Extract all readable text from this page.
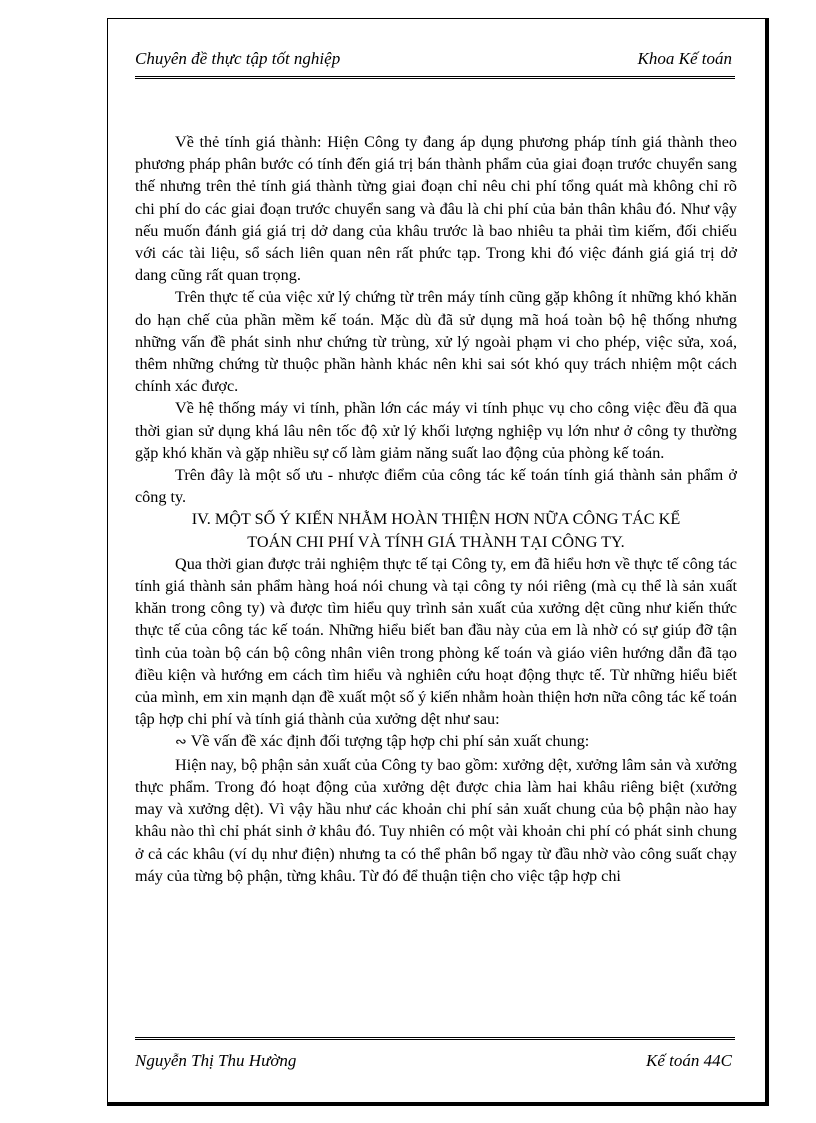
Chuyên đề thực tập tốt nghiệp	Khoa Kế toán

Về thẻ tính giá thành: Hiện Công ty đang áp dụng phương pháp tính giá thành theo phương pháp phân bước có tính đến giá trị bán thành phẩm của giai đoạn trước chuyển sang thế nhưng trên thẻ tính giá thành từng giai đoạn chỉ nêu chi phí tổng quát mà không chỉ rõ chi phí do các giai đoạn trước chuyển sang và đâu là chi phí của bản thân khâu đó. Như vậy nếu muốn đánh giá giá trị dở dang của khâu trước là bao nhiêu ta phải tìm kiếm, đối chiếu với các tài liệu, sổ sách liên quan nên rất phức tạp. Trong khi đó việc đánh giá giá trị dở dang cũng rất quan trọng.

Trên thực tế của việc xử lý chứng từ trên máy tính cũng gặp không ít những khó khăn do hạn chế của phần mềm kế toán. Mặc dù đã sử dụng mã hoá toàn bộ hệ thống nhưng những vấn đề phát sinh như chứng từ trùng, xử lý ngoài phạm vi cho phép, việc sửa, xoá, thêm những chứng từ thuộc phần hành khác nên khi sai sót khó quy trách nhiệm một cách chính xác được.

Về hệ thống máy vi tính, phần lớn các máy vi tính phục vụ cho công việc đều đã qua thời gian sử dụng khá lâu nên tốc độ xử lý khối lượng nghiệp vụ lớn như ở công ty thường gặp khó khăn và gặp nhiều sự cố làm giảm năng suất lao động của phòng kế toán.

Trên đây là một số ưu - nhược điểm của công tác kế toán tính giá thành sản phẩm ở công ty.

IV. MỘT SỐ Ý KIẾN NHẰM HOÀN THIỆN HƠN NỮA CÔNG TÁC KẾ
TOÁN CHI PHÍ VÀ TÍNH GIÁ THÀNH TẠI CÔNG TY.

Qua thời gian được trải nghiệm thực tế tại Công ty, em đã hiểu hơn về thực tế công tác tính giá thành sản phẩm hàng hoá nói chung và tại công ty nói riêng (mà cụ thể là sản xuất khăn trong công ty) và được tìm hiểu quy trình sản xuất của xưởng dệt cũng như kiến thức thực tế của công tác kế toán. Những hiểu biết ban đầu này của em là nhờ có sự giúp đỡ tận tình của toàn bộ cán bộ công nhân viên trong phòng kế toán và giáo viên hướng dẫn đã tạo điều kiện và hướng em cách tìm hiểu và nghiên cứu hoạt động thực tế. Từ những hiểu biết của mình, em xin mạnh dạn đề xuất một số ý kiến nhằm hoàn thiện hơn nữa công tác kế toán tập hợp chi phí và tính giá thành của xưởng dệt như sau:

∾ Về vấn đề xác định đối tượng tập hợp chi phí sản xuất chung:

Hiện nay, bộ phận sản xuất của Công ty bao gồm: xưởng dệt, xưởng lâm sản và xưởng thực phẩm. Trong đó hoạt động của xưởng dệt được chia làm hai khâu riêng biệt (xưởng may và xưởng dệt). Vì vậy hầu như các khoản chi phí sản xuất chung của bộ phận nào hay khâu nào thì chỉ phát sinh ở khâu đó. Tuy nhiên có một vài khoản chi phí có phát sinh chung ở cả các khâu (ví dụ như điện) nhưng ta có thể phân bổ ngay từ đầu nhờ vào công suất chạy máy của từng bộ phận, từng khâu. Từ đó để thuận tiện cho việc tập hợp chi

Nguyễn Thị Thu Hường	Kế toán 44C
